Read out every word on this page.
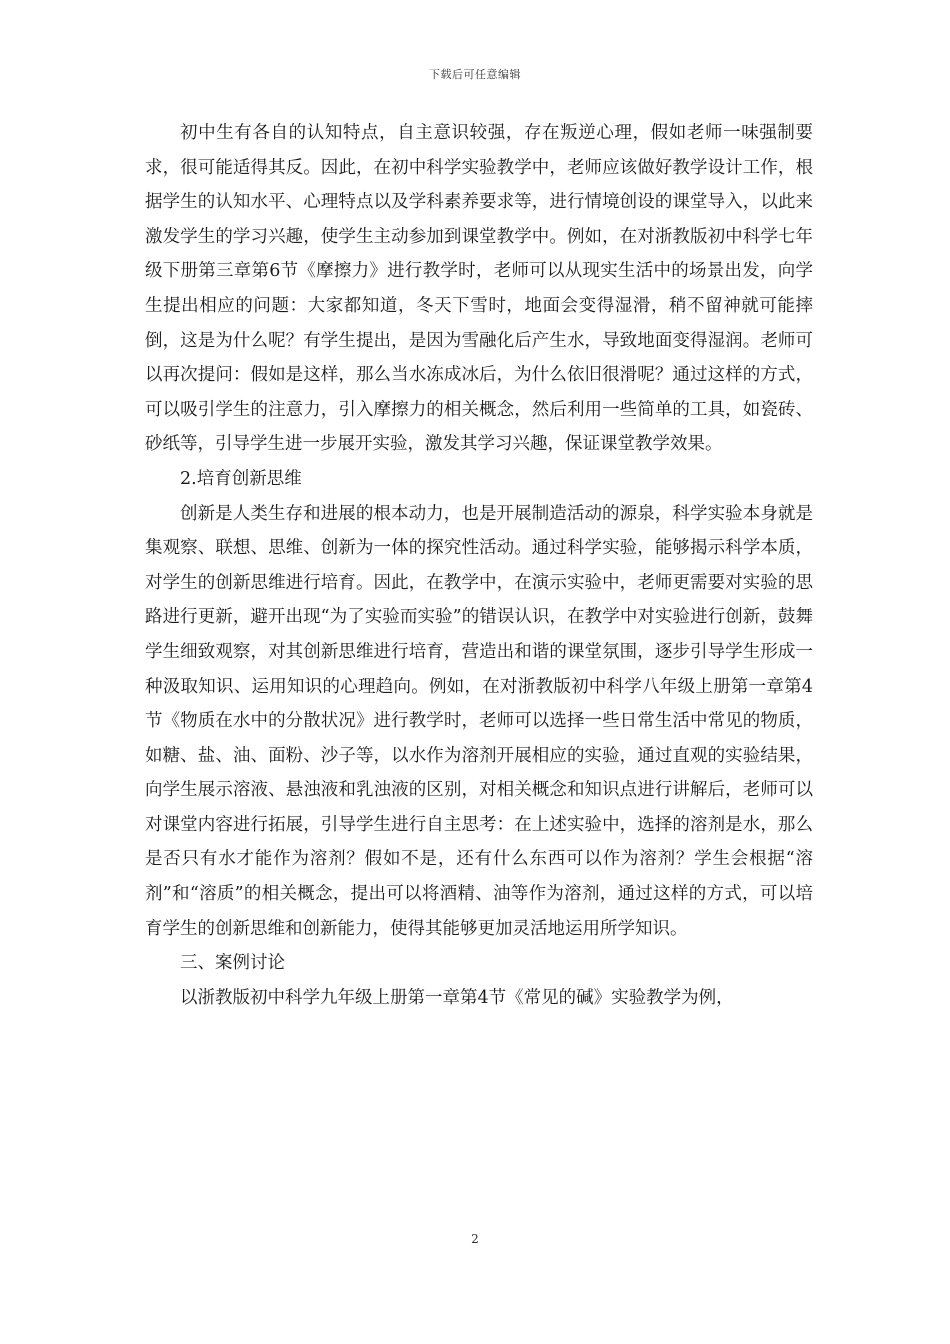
下载后可任意编辑

初中生有各自的认知特点，自主意识较强，存在叛逆心理，假如老师一味强制要求，很可能适得其反。因此，在初中科学实验教学中，老师应该做好教学设计工作，根据学生的认知水平、心理特点以及学科素养要求等，进行情境创设的课堂导入，以此来激发学生的学习兴趣，使学生主动参加到课堂教学中。例如，在对浙教版初中科学七年级下册第三章第6节《摩擦力》进行教学时，老师可以从现实生活中的场景出发，向学生提出相应的问题：大家都知道，冬天下雪时，地面会变得湿滑，稍不留神就可能摔倒，这是为什么呢？有学生提出，是因为雪融化后产生水，导致地面变得湿润。老师可以再次提问：假如是这样，那么当水冻成冰后，为什么依旧很滑呢？通过这样的方式，可以吸引学生的注意力，引入摩擦力的相关概念，然后利用一些简单的工具，如瓷砖、砂纸等，引导学生进一步展开实验，激发其学习兴趣，保证课堂教学效果。

2.培育创新思维

创新是人类生存和进展的根本动力，也是开展制造活动的源泉，科学实验本身就是集观察、联想、思维、创新为一体的探究性活动。通过科学实验，能够揭示科学本质，对学生的创新思维进行培育。因此，在教学中，在演示实验中，老师更需要对实验的思路进行更新，避开出现“为了实验而实验”的错误认识，在教学中对实验进行创新，鼓舞学生细致观察，对其创新思维进行培育，营造出和谐的课堂氛围，逐步引导学生形成一种汲取知识、运用知识的心理趋向。例如，在对浙教版初中科学八年级上册第一章第4节《物质在水中的分散状况》进行教学时，老师可以选择一些日常生活中常见的物质，如糖、盐、油、面粉、沙子等，以水作为溶剂开展相应的实验，通过直观的实验结果，向学生展示溶液、悬浊液和乳浊液的区别，对相关概念和知识点进行讲解后，老师可以对课堂内容进行拓展，引导学生进行自主思考：在上述实验中，选择的溶剂是水，那么是否只有水才能作为溶剂？假如不是，还有什么东西可以作为溶剂？学生会根据“溶剂”和“溶质”的相关概念，提出可以将酒精、油等作为溶剂，通过这样的方式，可以培育学生的创新思维和创新能力，使得其能够更加灵活地运用所学知识。

三、案例讨论

以浙教版初中科学九年级上册第一章第4节《常见的碱》实验教学为例，

2
